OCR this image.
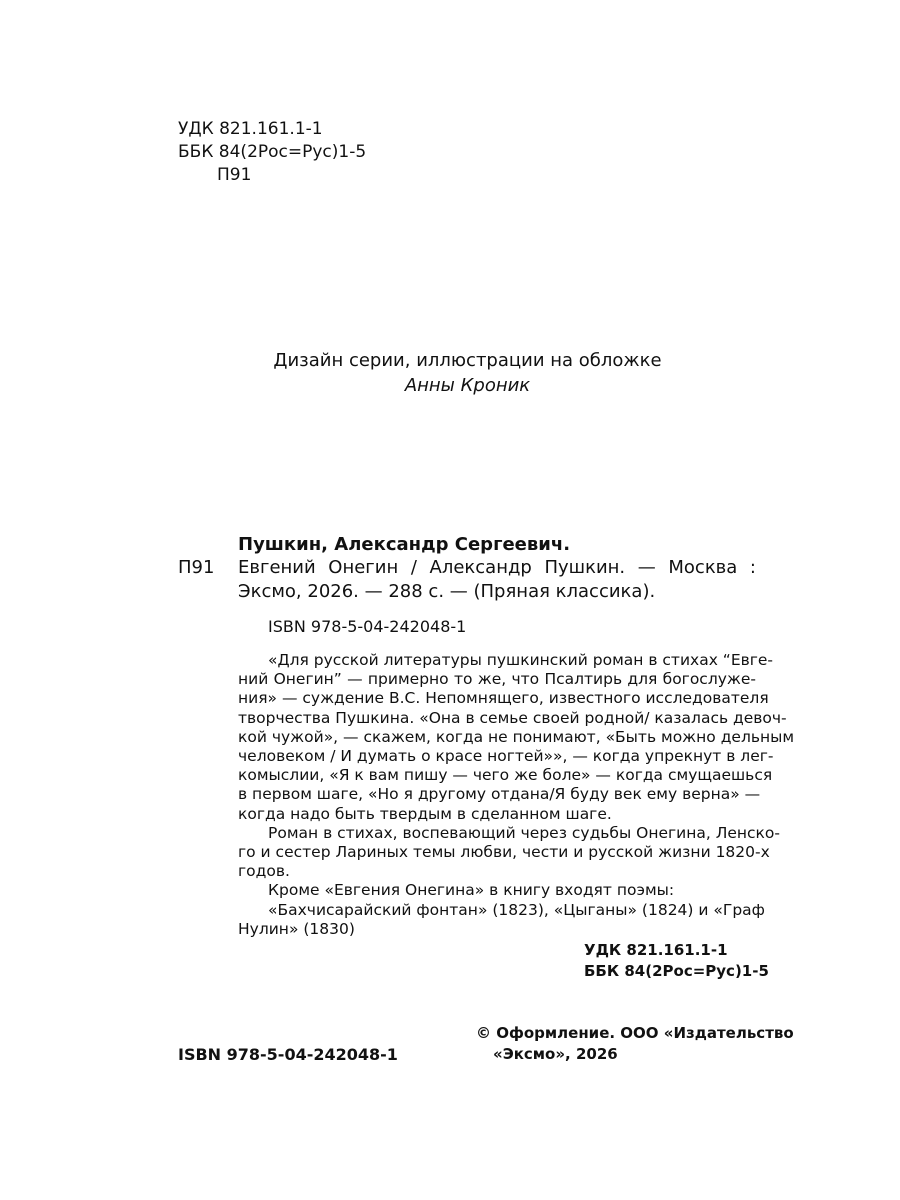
УДК 821.161.1-1
ББК 84(2Рос=Рус)1-5
П91
Дизайн серии, иллюстрации на обложке
Анны Кроник
Пушкин, Александр Сергеевич.
П91 Евгений Онегин / Александр Пушкин. — Москва :
Эксмо, 2026. — 288 с. — (Пряная классика).
ISBN 978-5-04-242048-1
«Для русской литературы пушкинский роман в стихах “Евге-
ний Онегин” — примерно то же, что Псалтирь для богослуже-
ния» — суждение В.С. Непомнящего, известного исследователя
творчества Пушкина. «Она в семье своей родной/ казалась девоч-
кой чужой», — скажем, когда не понимают, «Быть можно дельным
человеком / И думать о красе ногтей»», — когда упрекнут в лег-
комыслии, «Я к вам пишу — чего же боле» — когда смущаешься
в первом шаге, «Но я другому отдана/Я буду век ему верна» —
когда надо быть твердым в сделанном шаге.
Роман в стихах, воспевающий через судьбы Онегина, Ленско-
го и сестер Лариных темы любви, чести и русской жизни 1820-х
годов.
Кроме «Евгения Онегина» в книгу входят поэмы:
«Бахчисарайский фонтан» (1823), «Цыганы» (1824) и «Граф
Нулин» (1830)
УДК 821.161.1-1
ББК 84(2Рос=Рус)1-5
© Оформление. ООО «Издательство
«Эксмо», 2026
ISBN 978-5-04-242048-1
